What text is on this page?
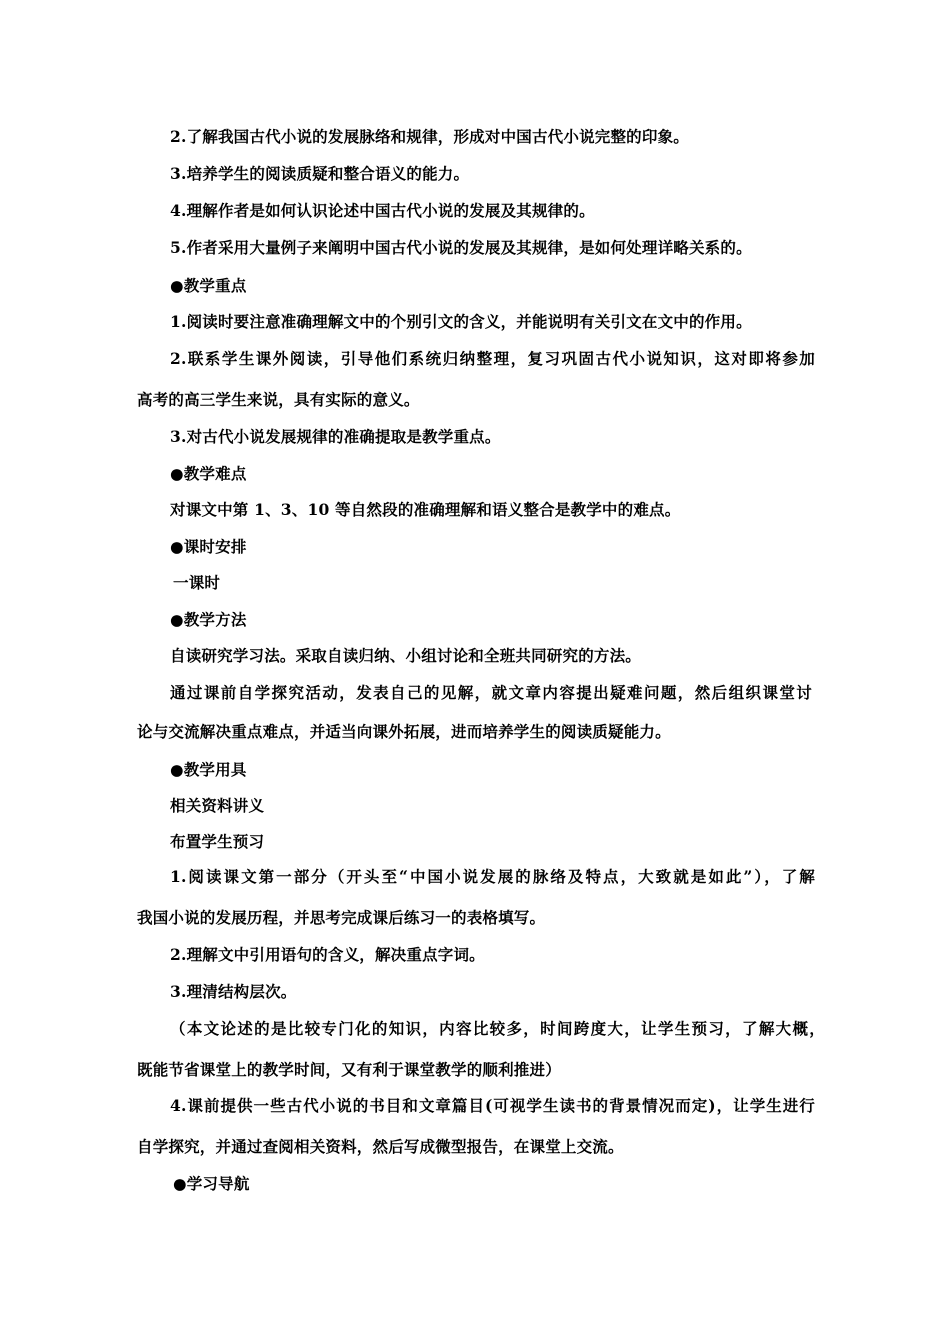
2.了解我国古代小说的发展脉络和规律，形成对中国古代小说完整的印象。
3.培养学生的阅读质疑和整合语义的能力。
4.理解作者是如何认识论述中国古代小说的发展及其规律的。
5.作者采用大量例子来阐明中国古代小说的发展及其规律，是如何处理详略关系的。
●教学重点
1.阅读时要注意准确理解文中的个别引文的含义，并能说明有关引文在文中的作用。
2.联系学生课外阅读，引导他们系统归纳整理，复习巩固古代小说知识，这对即将参加
高考的高三学生来说，具有实际的意义。
3.对古代小说发展规律的准确提取是教学重点。
●教学难点
对课文中第 1、3、10 等自然段的准确理解和语义整合是教学中的难点。
●课时安排
一课时
●教学方法
自读研究学习法。采取自读归纳、小组讨论和全班共同研究的方法。
通过课前自学探究活动，发表自己的见解，就文章内容提出疑难问题，然后组织课堂讨
论与交流解决重点难点，并适当向课外拓展，进而培养学生的阅读质疑能力。
●教学用具
相关资料讲义
布置学生预习
1.阅读课文第一部分（开头至“中国小说发展的脉络及特点，大致就是如此”），了解
我国小说的发展历程，并思考完成课后练习一的表格填写。
2.理解文中引用语句的含义，解决重点字词。
3.理清结构层次。
（本文论述的是比较专门化的知识，内容比较多，时间跨度大，让学生预习，了解大概，
既能节省课堂上的教学时间，又有利于课堂教学的顺利推进）
4.课前提供一些古代小说的书目和文章篇目(可视学生读书的背景情况而定)，让学生进行
自学探究，并通过查阅相关资料，然后写成微型报告，在课堂上交流。
●学习导航
